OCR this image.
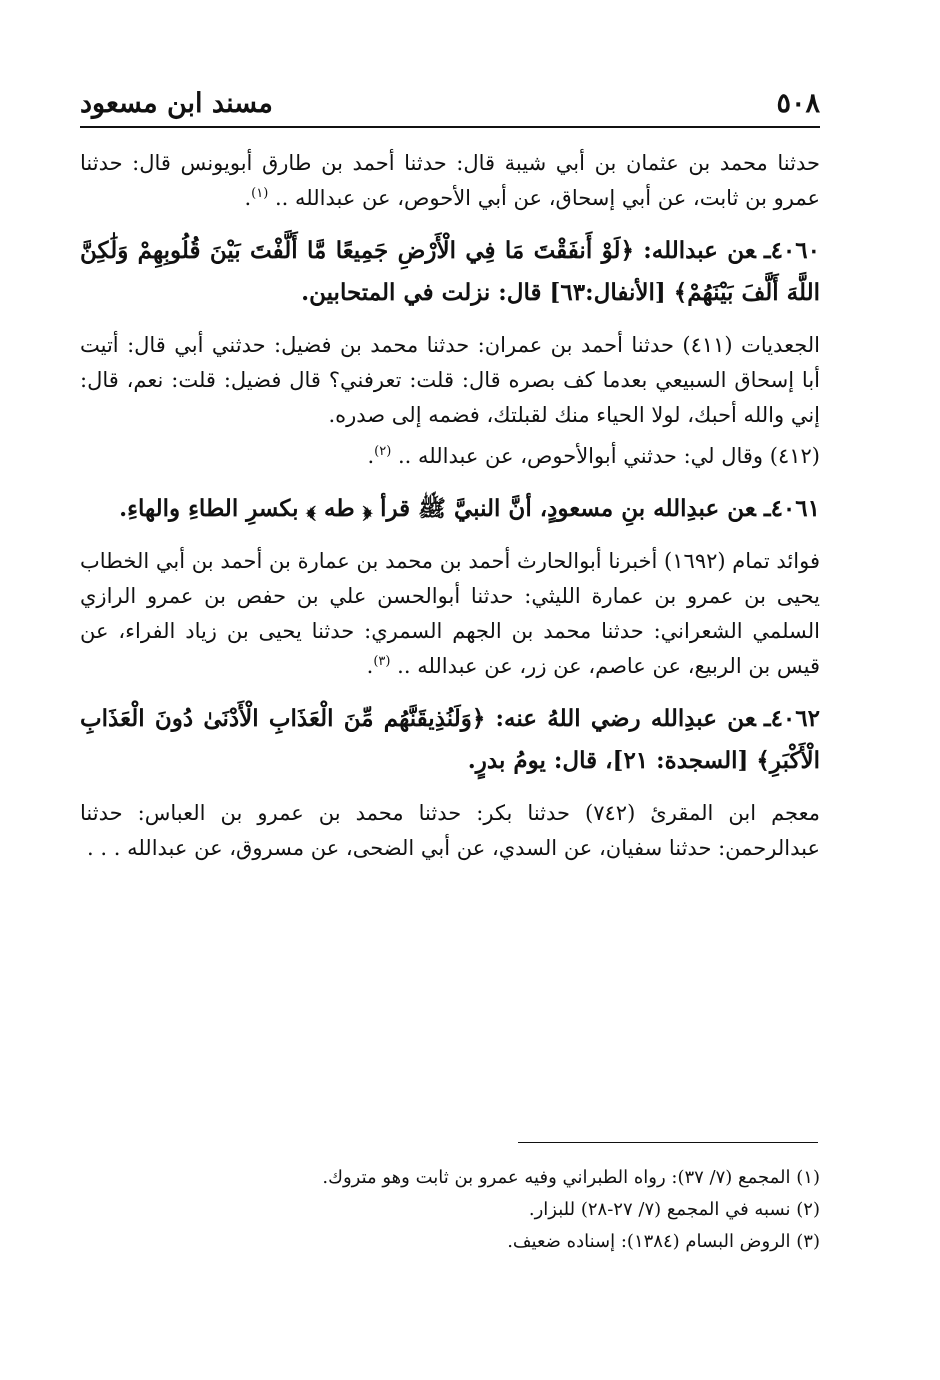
٥٠٨
مسند ابن مسعود

حدثنا محمد بن عثمان بن أبي شيبة قال: حدثنا أحمد بن طارق أبويونس قال: حدثنا عمرو بن ثابت، عن أبي إسحاق، عن أبي الأحوص، عن عبدالله .. $^{(١)}$.

٤٠٦٠ـعن عبدالله: ﴿لَوْ أَنفَقْتَ مَا فِي الْأَرْضِ جَمِيعًا مَّا أَلَّفْتَ بَيْنَ قُلُوبِهِمْ وَلَٰكِنَّ اللَّهَ أَلَّفَ بَيْنَهُمْ﴾ [الأنفال:٦٣] قال: نزلت في المتحابين.

الجعديات (٤١١) حدثنا أحمد بن عمران: حدثنا محمد بن فضيل: حدثني أبي قال: أتيت أبا إسحاق السبيعي بعدما كف بصره قال: قلت: تعرفني؟ قال فضيل: قلت: نعم، قال: إني والله أحبك، لولا الحياء منك لقبلتك، فضمه إلى صدره.

(٤١٢) وقال لي: حدثني أبوالأحوص، عن عبدالله .. $^{(٢)}$.

٤٠٦١ـعن عبدِالله بنِ مسعودٍ، أنَّ النبيَّ ﷺ قرأ ﴿ طه ﴾ بكسرِ الطاءِ والهاءِ.

فوائد تمام (١٦٩٢) أخبرنا أبوالحارث أحمد بن محمد بن عمارة بن أحمد بن أبي الخطاب يحيى بن عمرو بن عمارة الليثي: حدثنا أبوالحسن علي بن حفص بن عمرو الرازي السلمي الشعراني: حدثنا محمد بن الجهم السمري: حدثنا يحيى بن زياد الفراء، عن قيس بن الربيع، عن عاصم، عن زر، عن عبدالله .. $^{(٣)}$.

٤٠٦٢ـعن عبدِالله رضي اللهُ عنه: ﴿وَلَنُذِيقَنَّهُم مِّنَ الْعَذَابِ الْأَدْنَىٰ دُونَ الْعَذَابِ الْأَكْبَرِ﴾ [السجدة: ٢١]، قال: يومُ بدرٍ.

معجم ابن المقرئ (٧٤٢) حدثنا بكر: حدثنا محمد بن عمرو بن العباس: حدثنا عبدالرحمن: حدثنا سفيان، عن السدي، عن أبي الضحى، عن مسروق، عن عبدالله . . .

(١) المجمع (٧/ ٣٧): رواه الطبراني وفيه عمرو بن ثابت وهو متروك.

(٢) نسبه في المجمع (٧/ ٢٧-٢٨) للبزار.

(٣) الروض البسام (١٣٨٤): إسناده ضعيف.
